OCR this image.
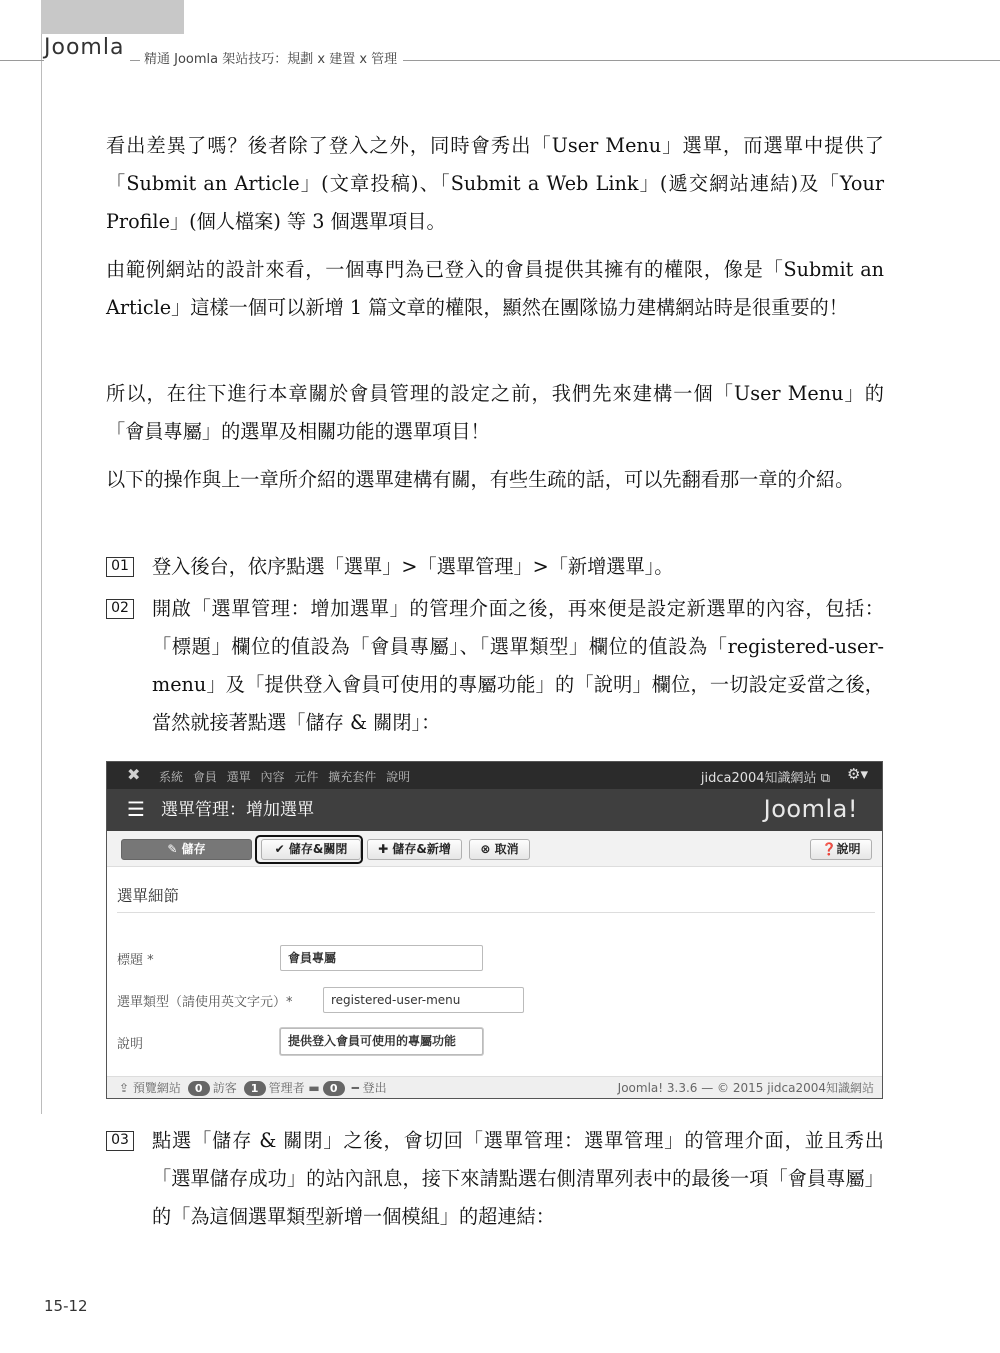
Joomla	精通 Joomla 架站技巧：規劃 x 建置 x 管理

看出差異了嗎？後者除了登入之外，同時會秀出「User Menu」選單，而選單中提供了「Submit an Article」(文章投稿)、「Submit a Web Link」(遞交網站連結)及「Your Profile」(個人檔案) 等 3 個選單項目。

由範例網站的設計來看，一個專門為已登入的會員提供其擁有的權限，像是「Submit an Article」這樣一個可以新增 1 篇文章的權限，顯然在團隊協力建構網站時是很重要的！

所以，在往下進行本章關於會員管理的設定之前，我們先來建構一個「User Menu」的「會員專屬」的選單及相關功能的選單項目！

以下的操作與上一章所介紹的選單建構有關，有些生疏的話，可以先翻看那一章的介紹。

01 登入後台，依序點選「選單」>「選單管理」>「新增選單」。

02 開啟「選單管理：增加選單」的管理介面之後，再來便是設定新選單的內容，包括：「標題」欄位的值設為「會員專屬」、「選單類型」欄位的值設為「registered-user-menu」及「提供登入會員可使用的專屬功能」的「說明」欄位，一切設定妥當之後，當然就接著點選「儲存 & 關閉」：

✖ 系統 會員 選單 內容 元件 擴充套件 說明	jidca2004知識網站 ⧉ ⚙▾
☰ 選單管理：增加選單	Joomla!
✎ 儲存	✔ 儲存&關閉	✚ 儲存&新增	⊗ 取消	❓說明
選單細節
標題 *	會員專屬
選單類型（請使用英文字元）*	registered-user-menu
說明	提供登入會員可使用的專屬功能
⇪ 預覽網站 0 訪客 1 管理者 ▬ 0 ━ 登出	Joomla! 3.3.6 — © 2015 jidca2004知識網站
03 點選「儲存 & 關閉」之後，會切回「選單管理：選單管理」的管理介面，並且秀出「選單儲存成功」的站內訊息，接下來請點選右側清單列表中的最後一項「會員專屬」的「為這個選單類型新增一個模組」的超連結：

15-12
